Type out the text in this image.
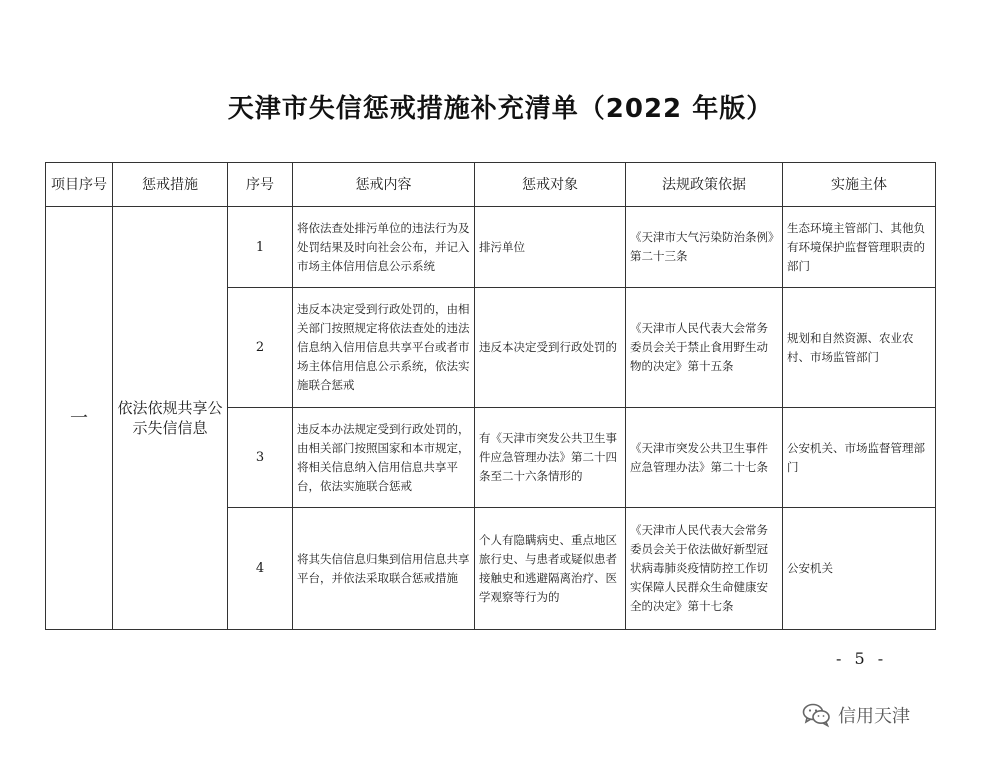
天津市失信惩戒措施补充清单（2022 年版）
项目序号	惩戒措施	序号	惩戒内容	惩戒对象	法规政策依据	实施主体
一	依法依规共享公示失信信息	1	将依法查处排污单位的违法行为及处罚结果及时向社会公布，并记入市场主体信用信息公示系统	排污单位	《天津市大气污染防治条例》第二十三条	生态环境主管部门、其他负有环境保护监督管理职责的部门
		2	违反本决定受到行政处罚的，由相关部门按照规定将依法查处的违法信息纳入信用信息共享平台或者市场主体信用信息公示系统，依法实施联合惩戒	违反本决定受到行政处罚的	《天津市人民代表大会常务委员会关于禁止食用野生动物的决定》第十五条	规划和自然资源、农业农村、市场监管部门
		3	违反本办法规定受到行政处罚的，由相关部门按照国家和本市规定，将相关信息纳入信用信息共享平台，依法实施联合惩戒	有《天津市突发公共卫生事件应急管理办法》第二十四条至二十六条情形的	《天津市突发公共卫生事件应急管理办法》第二十七条	公安机关、市场监督管理部门
		4	将其失信信息归集到信用信息共享平台，并依法采取联合惩戒措施	个人有隐瞒病史、重点地区旅行史、与患者或疑似患者接触史和逃避隔离治疗、医学观察等行为的	《天津市人民代表大会常务委员会关于依法做好新型冠状病毒肺炎疫情防控工作切实保障人民群众生命健康安全的决定》第十七条	公安机关
- 5 -
信用天津
